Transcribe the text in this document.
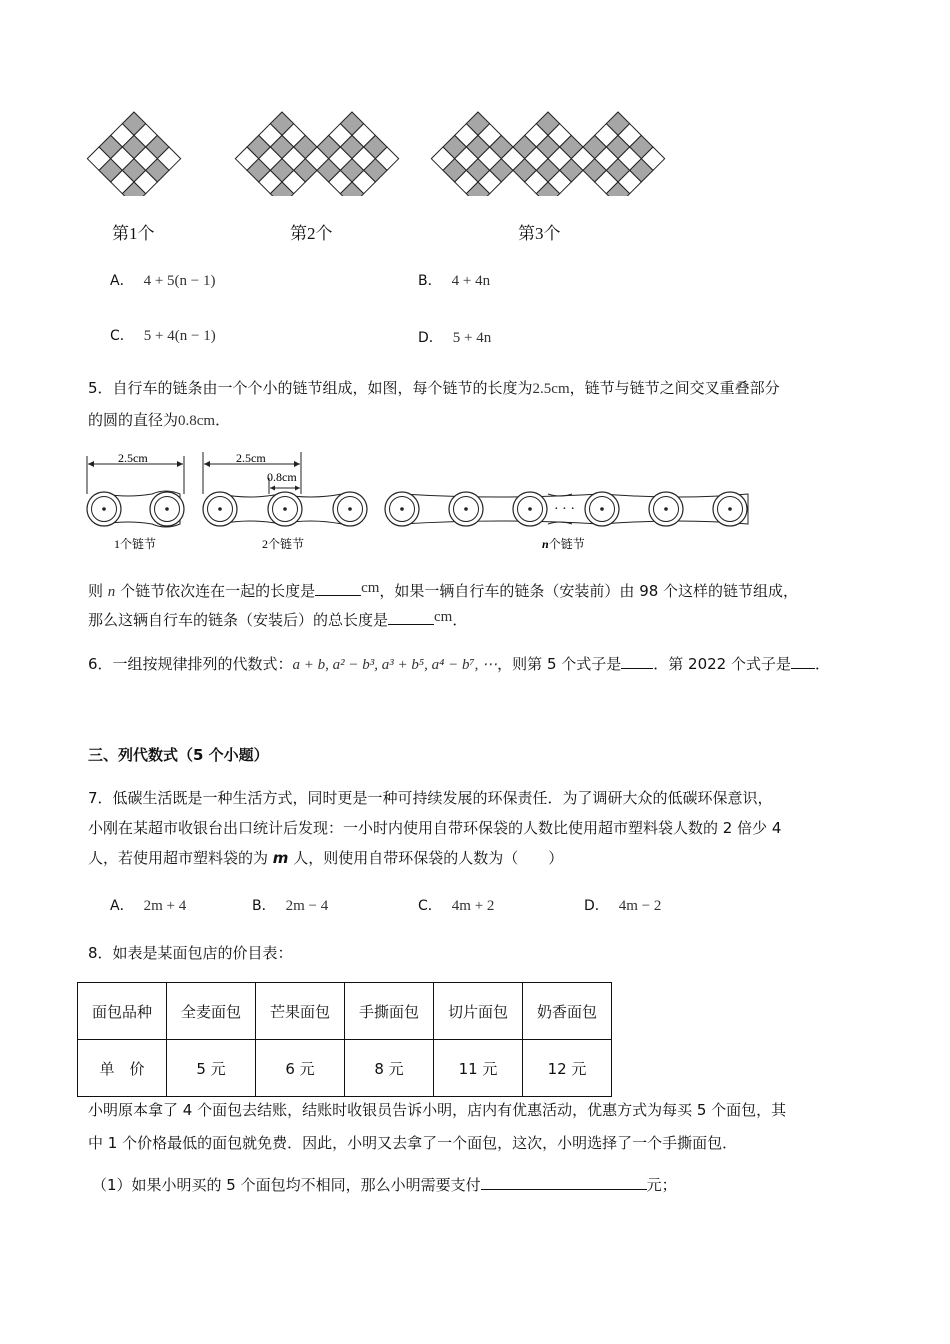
第1个	第2个	第3个
A． 4 + 5(n − 1)	B． 4 + 4n
C． 5 + 4(n − 1)	D． 5 + 4n
5．自行车的链条由一个个小的链节组成，如图，每个链节的长度为2.5cm，链节与链节之间交叉重叠部分
的圆的直径为0.8cm．
2.5cm	2.5cm
0.8cm
· · ·
1个链节	2个链节	n个链节
则 n 个链节依次连在一起的长度是	cm，如果一辆自行车的链条（安装前）由 98 个这样的链节组成，
那么这辆自行车的链条（安装后）的总长度是	cm．
6．一组按规律排列的代数式：a + b, a² − b³, a³ + b⁵, a⁴ − b⁷, ⋯，则第 5 个式子是 ．第 2022 个式子是 ．
三、列代数式（5 个小题）
7．低碳生活既是一种生活方式，同时更是一种可持续发展的环保责任．为了调研大众的低碳环保意识，
小刚在某超市收银台出口统计后发现：一小时内使用自带环保袋的人数比使用超市塑料袋人数的 2 倍少 4
人，若使用超市塑料袋的为 m 人，则使用自带环保袋的人数为（　　）
A． 2m + 4	B． 2m − 4	C． 4m + 2	D． 4m − 2
8．如表是某面包店的价目表：
面包品种	全麦面包	芒果面包	手撕面包	切片面包	奶香面包
单　价	5 元	6 元	8 元	11 元	12 元
小明原本拿了 4 个面包去结账，结账时收银员告诉小明，店内有优惠活动，优惠方式为每买 5 个面包，其
中 1 个价格最低的面包就免费．因此，小明又去拿了一个面包，这次，小明选择了一个手撕面包．
（1）如果小明买的 5 个面包均不相同，那么小明需要支付	元；
